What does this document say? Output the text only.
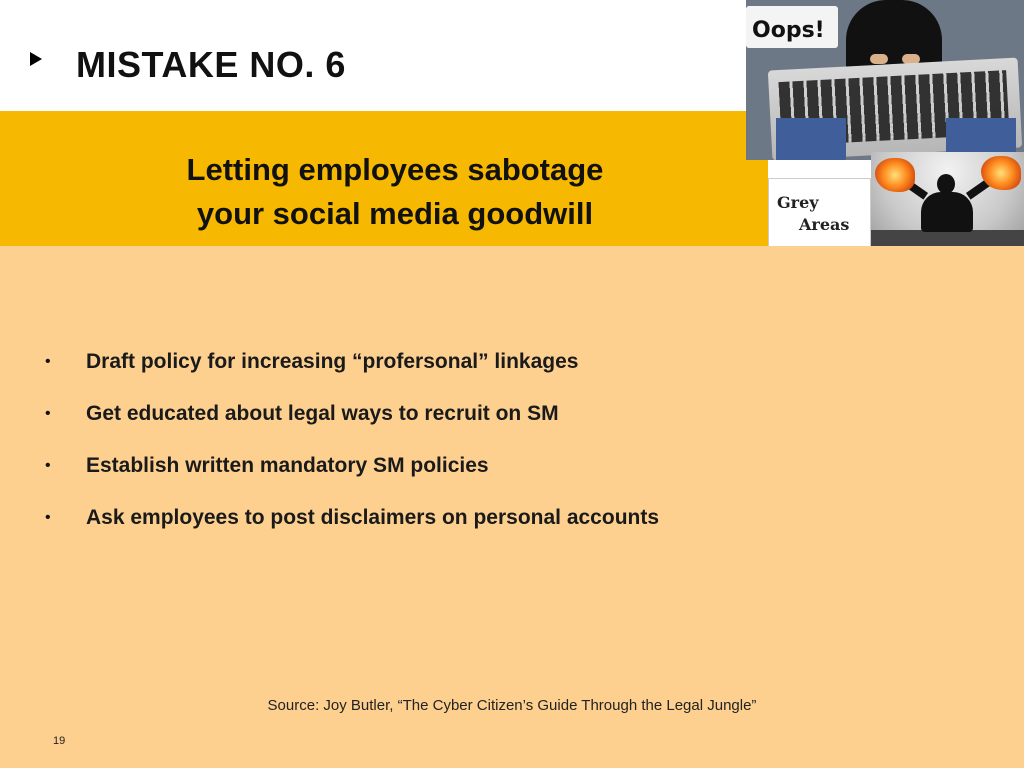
MISTAKE NO. 6
Letting employees sabotage
your social media goodwill
Oops!
Grey
Areas
• Draft policy for increasing “profersonal” linkages
• Get educated about legal ways to recruit on SM
• Establish written mandatory SM policies
• Ask employees to post disclaimers on personal accounts
Source: Joy Butler, “The Cyber Citizen’s Guide Through the Legal Jungle”
19
